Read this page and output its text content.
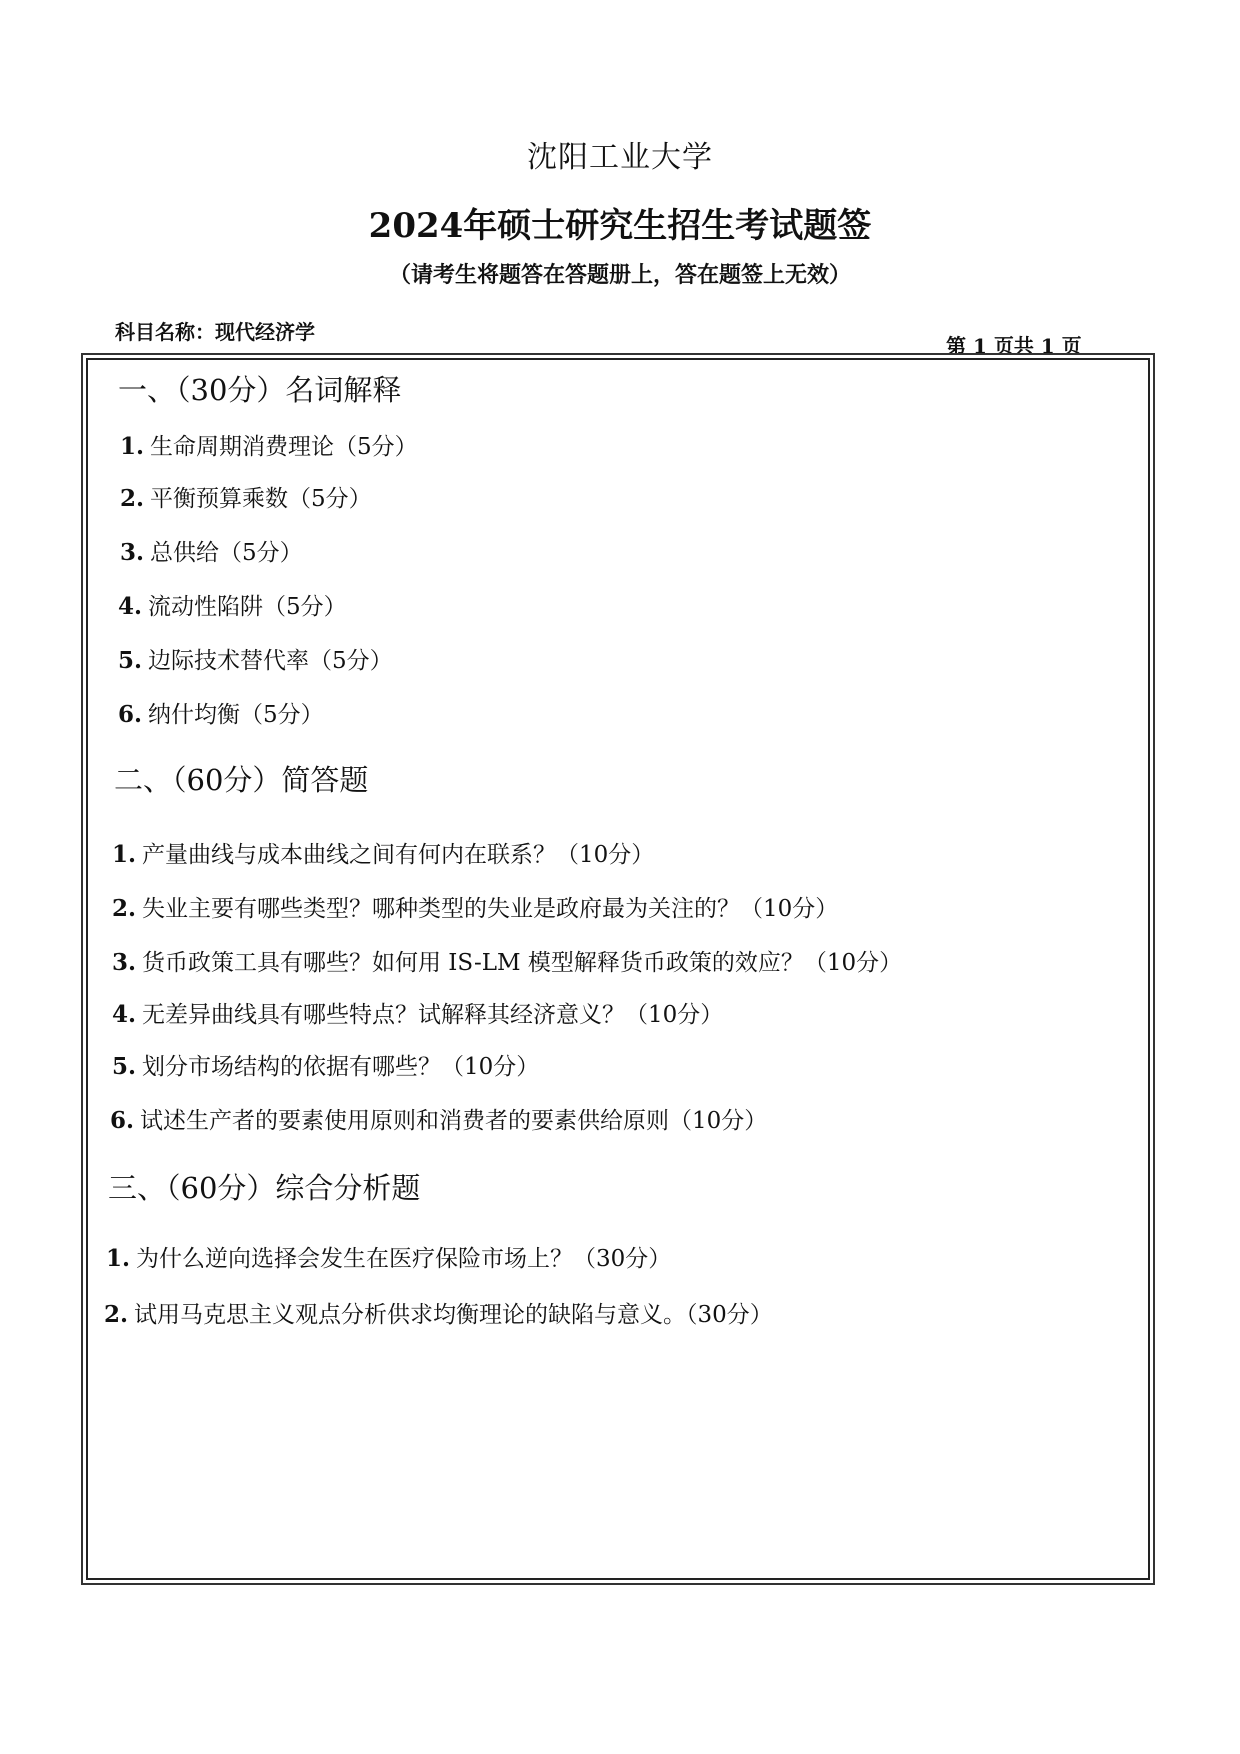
沈阳工业大学
2024年硕士研究生招生考试题签
（请考生将题答在答题册上，答在题签上无效）
科目名称：现代经济学
第 1 页共 1 页
一、（30分）名词解释
1. 生命周期消费理论（5分）
2. 平衡预算乘数（5分）
3. 总供给（5分）
4. 流动性陷阱（5分）
5. 边际技术替代率（5分）
6. 纳什均衡（5分）
二、（60分）简答题
1. 产量曲线与成本曲线之间有何内在联系？（10分）
2. 失业主要有哪些类型？哪种类型的失业是政府最为关注的？（10分）
3. 货币政策工具有哪些？如何用 IS-LM 模型解释货币政策的效应？（10分）
4. 无差异曲线具有哪些特点？试解释其经济意义？（10分）
5. 划分市场结构的依据有哪些？（10分）
6. 试述生产者的要素使用原则和消费者的要素供给原则（10分）
三、（60分）综合分析题
1. 为什么逆向选择会发生在医疗保险市场上？（30分）
2. 试用马克思主义观点分析供求均衡理论的缺陷与意义。（30分）
